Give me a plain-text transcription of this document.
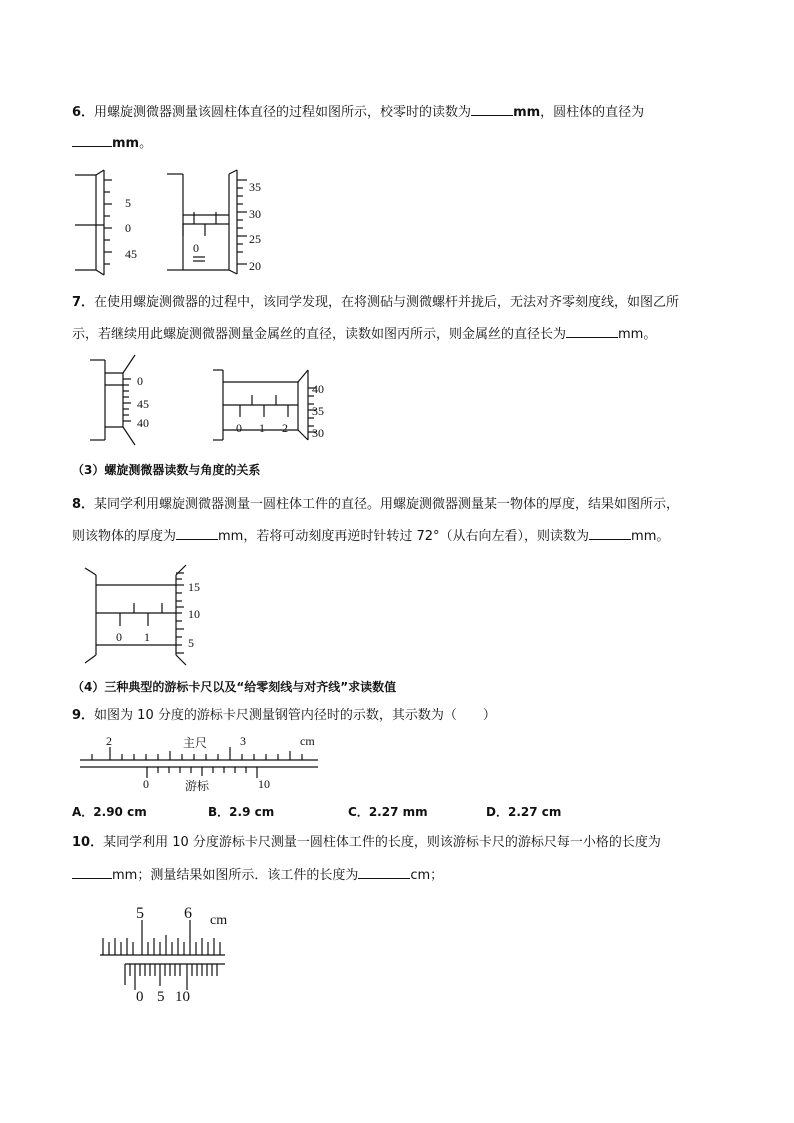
6．用螺旋测微器测量该圆柱体直径的过程如图所示，校零时的读数为	mm，圆柱体的直径为
mm。
5
0
45
35
30
25
20
0
7．在使用螺旋测微器的过程中，该同学发现，在将测砧与测微螺杆并拢后，无法对齐零刻度线，如图乙所
示，若继续用此螺旋测微器测量金属丝的直径，读数如图丙所示，则金属丝的直径长为	mm。
0
45
40
40
35
30
0 1 2
（3）螺旋测微器读数与角度的关系
8．某同学利用螺旋测微器测量一圆柱体工件的直径。用螺旋测微器测量某一物体的厚度，结果如图所示，
则该物体的厚度为	mm，若将可动刻度再逆时针转过 72°（从右向左看），则读数为	mm。
15
10
5
0 1
（4）三种典型的游标卡尺以及“给零刻线与对齐线”求读数值
9．如图为 10 分度的游标卡尺测量钢管内径时的示数，其示数为（　　）
2	主尺	3	cm
0	游标	10
A．2.90 cm	B．2.9 cm	C．2.27 mm	D．2.27 cm
10．某同学利用 10 分度游标卡尺测量一圆柱体工件的长度，则该游标卡尺的游标尺每一小格的长度为
mm；测量结果如图所示．该工件的长度为	cm；
5	6 cm
0 5 10
